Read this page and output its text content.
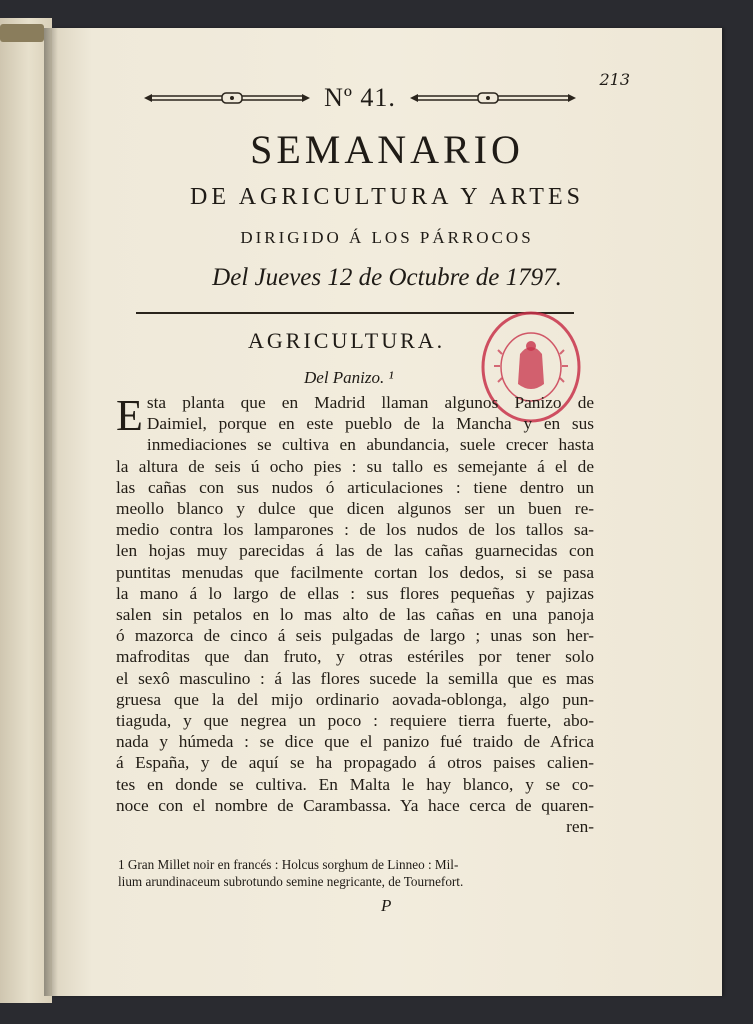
213
Nº 41.
SEMANARIO
DE AGRICULTURA Y ARTES
DIRIGIDO Á LOS PÁRROCOS
Del Jueves 12 de Octubre de 1797.
AGRICULTURA.
Del Panizo. ¹
E sta planta que en Madrid llaman algunos Panizo de
Daimiel, porque en este pueblo de la Mancha y en sus
inmediaciones se cultiva en abundancia, suele crecer hasta
la altura de seis ú ocho pies : su tallo es semejante á el de
las cañas con sus nudos ó articulaciones : tiene dentro un
meollo blanco y dulce que dicen algunos ser un buen re-
medio contra los lamparones : de los nudos de los tallos sa-
len hojas muy parecidas á las de las cañas guarnecidas con
puntitas menudas que facilmente cortan los dedos, si se pasa
la mano á lo largo de ellas : sus flores pequeñas y pajizas
salen sin petalos en lo mas alto de las cañas en una panoja
ó mazorca de cinco á seis pulgadas de largo ; unas son her-
mafroditas que dan fruto, y otras estériles por tener solo
el sexô masculino : á las flores sucede la semilla que es mas
gruesa que la del mijo ordinario aovada-oblonga, algo pun-
tiaguda, y que negrea un poco : requiere tierra fuerte, abo-
nada y húmeda : se dice que el panizo fué traido de Africa
á España, y de aquí se ha propagado á otros paises calien-
tes en donde se cultiva. En Malta le hay blanco, y se co-
noce con el nombre de Carambassa. Ya hace cerca de quaren-
ren-
1 Gran Millet noir en francés : Holcus sorghum de Linneo : Mil-
lium arundinaceum subrotundo semine negricante, de Tournefort.
P
